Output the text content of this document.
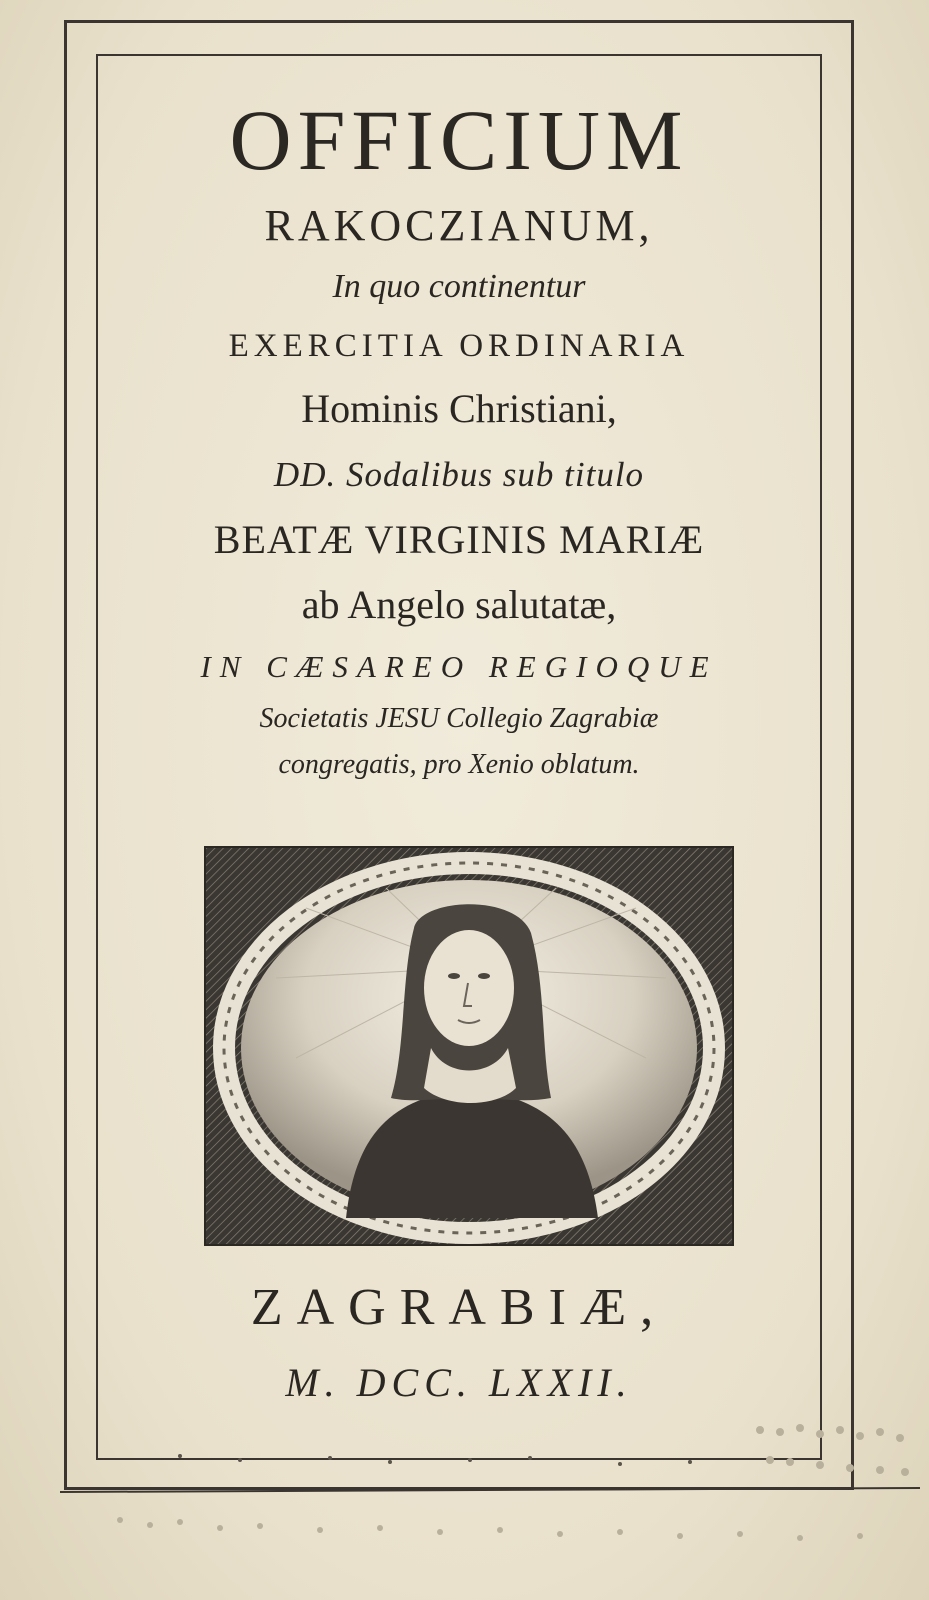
OFFICIUM
RAKOCZIANUM,
In quo continentur
EXERCITIA ORDINARIA
Hominis Christiani,
DD. Sodalibus sub titulo
BEATÆ VIRGINIS MARIÆ
ab Angelo salutatæ,
IN CÆSAREO REGIOQUE
Societatis JESU Collegio Zagrabiæ
congregatis, pro Xenio oblatum.
ZAGRABIÆ,
M. DCC. LXXII.
